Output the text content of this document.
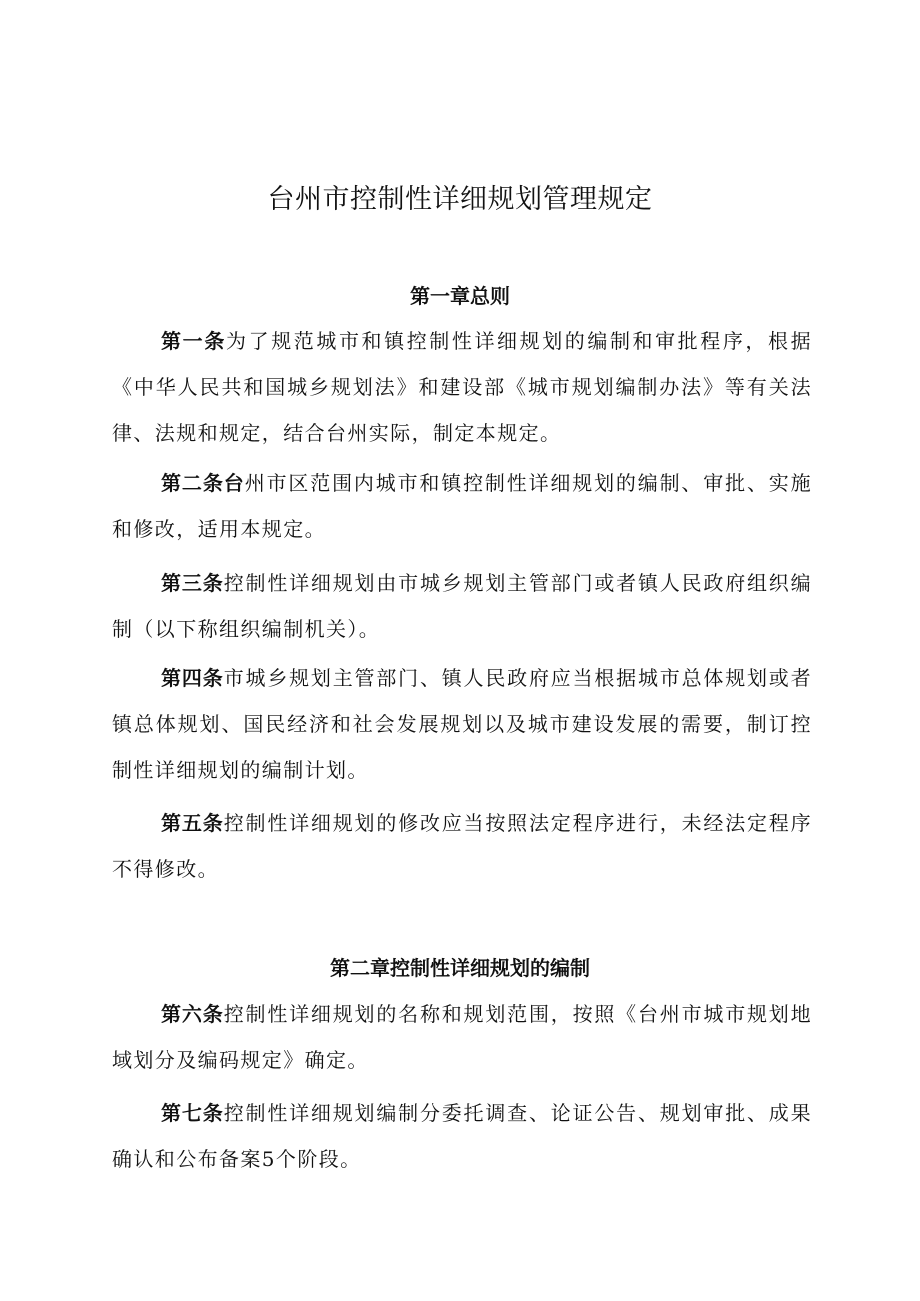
台州市控制性详细规划管理规定
第一章总则

第一条为了规范城市和镇控制性详细规划的编制和审批程序，根据《中华人民共和国城乡规划法》和建设部《城市规划编制办法》等有关法律、法规和规定，结合台州实际，制定本规定。

第二条台州市区范围内城市和镇控制性详细规划的编制、审批、实施和修改，适用本规定。

第三条控制性详细规划由市城乡规划主管部门或者镇人民政府组织编制（以下称组织编制机关）。

第四条市城乡规划主管部门、镇人民政府应当根据城市总体规划或者镇总体规划、国民经济和社会发展规划以及城市建设发展的需要，制订控制性详细规划的编制计划。

第五条控制性详细规划的修改应当按照法定程序进行，未经法定程序不得修改。

第二章控制性详细规划的编制

第六条控制性详细规划的名称和规划范围，按照《台州市城市规划地域划分及编码规定》确定。

第七条控制性详细规划编制分委托调查、论证公告、规划审批、成果确认和公布备案5个阶段。
